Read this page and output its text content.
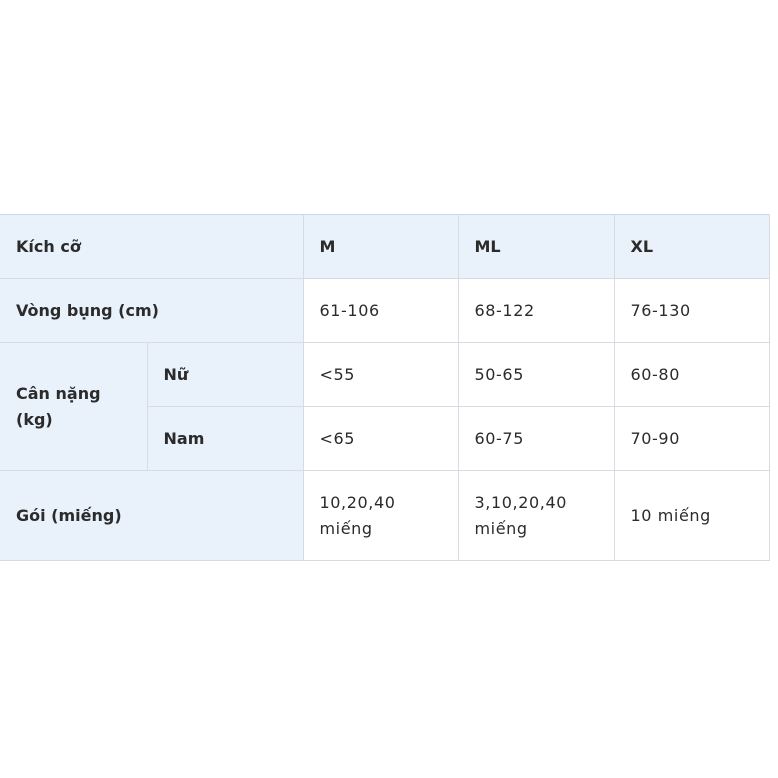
Kích cỡ		M	ML	XL
Vòng bụng (cm)		61-106	68-122	76-130
Cân nặng (kg)	Nữ	<55	50-65	60-80
	Nam	<65	60-75	70-90
Gói (miếng)		10,20,40 miếng	3,10,20,40 miếng	10 miếng
